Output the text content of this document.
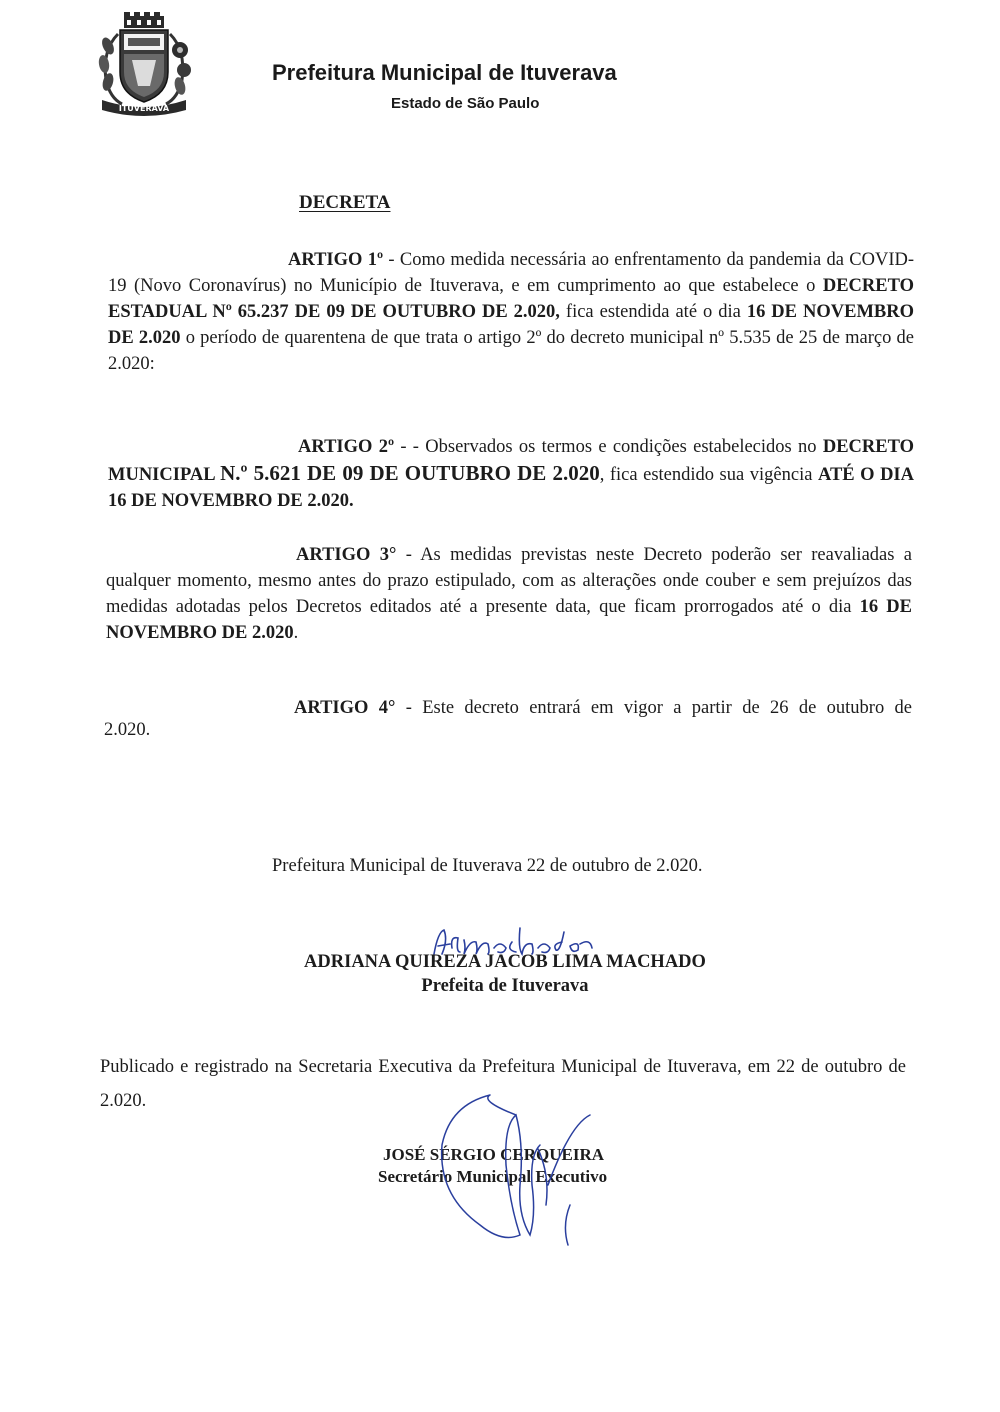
ITUVERAVA
Prefeitura Municipal de Ituverava
Estado de São Paulo
DECRETA

ARTIGO 1º - Como medida necessária ao enfrentamento da pandemia da COVID-19 (Novo Coronavírus) no Município de Ituverava, e em cumprimento ao que estabelece o DECRETO ESTADUAL Nº 65.237 DE 09 DE OUTUBRO DE 2.020, fica estendida até o dia 16 DE NOVEMBRO DE 2.020 o período de quarentena de que trata o artigo 2º do decreto municipal nº 5.535 de 25 de março de 2.020:

ARTIGO 2º - - Observados os termos e condições estabelecidos no DECRETO MUNICIPAL N.º 5.621 DE 09 DE OUTUBRO DE 2.020, fica estendido sua vigência ATÉ O DIA 16 DE NOVEMBRO DE 2.020.

ARTIGO 3° - As medidas previstas neste Decreto poderão ser reavaliadas a qualquer momento, mesmo antes do prazo estipulado, com as alterações onde couber e sem prejuízos das medidas adotadas pelos Decretos editados até a presente data, que ficam prorrogados até o dia 16 DE NOVEMBRO DE 2.020.

ARTIGO 4° - Este decreto entrará em vigor a partir de 26 de outubro de
2.020.
Prefeitura Municipal de Ituverava 22 de outubro de 2.020.
ADRIANA QUIREZA JACOB LIMA MACHADO
Prefeita de Ituverava

Publicado e registrado na Secretaria Executiva da Prefeitura Municipal de Ituverava, em 22 de outubro de 2.020.

JOSÉ SÉRGIO CERQUEIRA
Secretário Municipal Executivo
